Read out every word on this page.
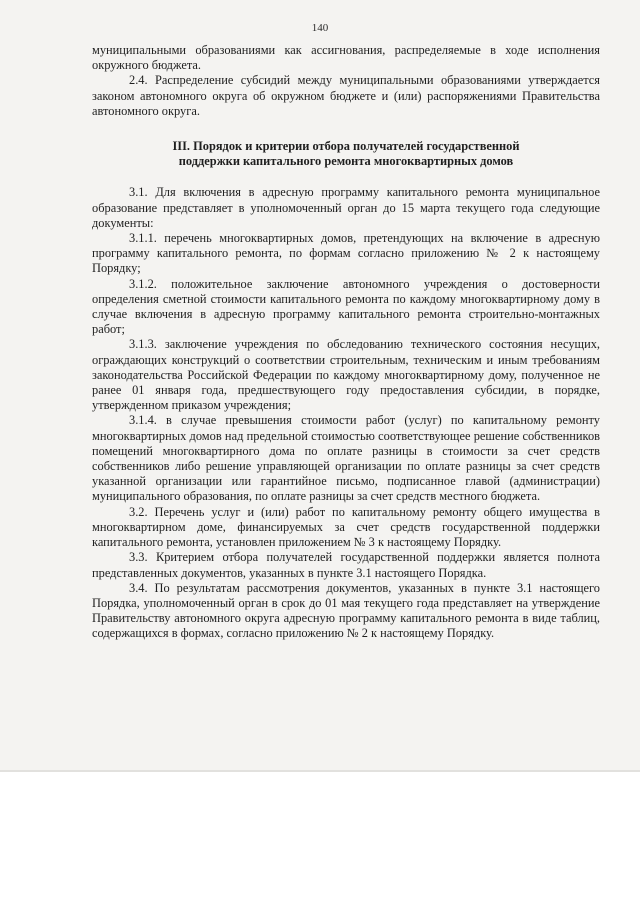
140

муниципальными образованиями как ассигнования, распределяемые в ходе исполнения окружного бюджета.

2.4. Распределение субсидий между муниципальными образованиями утверждается законом автономного округа об окружном бюджете и (или) распоряжениями Правительства автономного округа.

III. Порядок и критерии отбора получателей государственной
поддержки капитального ремонта многоквартирных домов

3.1. Для включения в адресную программу капитального ремонта муниципальное образование представляет в уполномоченный орган до 15 марта текущего года следующие документы:

3.1.1. перечень многоквартирных домов, претендующих на включение в адресную программу капитального ремонта, по формам согласно приложению № 2 к настоящему Порядку;

3.1.2. положительное заключение автономного учреждения о достоверности определения сметной стоимости капитального ремонта по каждому многоквартирному дому в случае включения в адресную программу капитального ремонта строительно-монтажных работ;

3.1.3. заключение учреждения по обследованию технического состояния несущих, ограждающих конструкций о соответствии строительным, техническим и иным требованиям законодательства Российской Федерации по каждому многоквартирному дому, полученное не ранее 01 января года, предшествующего году предоставления субсидии, в порядке, утвержденном приказом учреждения;

3.1.4. в случае превышения стоимости работ (услуг) по капитальному ремонту многоквартирных домов над предельной стоимостью соответствующее решение собственников помещений многоквартирного дома по оплате разницы в стоимости за счет средств собственников либо решение управляющей организации по оплате разницы за счет средств указанной организации или гарантийное письмо, подписанное главой (администрации) муниципального образования, по оплате разницы за счет средств местного бюджета.

3.2. Перечень услуг и (или) работ по капитальному ремонту общего имущества в многоквартирном доме, финансируемых за счет средств государственной поддержки капитального ремонта, установлен приложением № 3 к настоящему Порядку.

3.3. Критерием отбора получателей государственной поддержки является полнота представленных документов, указанных в пункте 3.1 настоящего Порядка.

3.4. По результатам рассмотрения документов, указанных в пункте 3.1 настоящего Порядка, уполномоченный орган в срок до 01 мая текущего года представляет на утверждение Правительству автономного округа адресную программу капитального ремонта в виде таблиц, содержащихся в формах, согласно приложению № 2 к настоящему Порядку.
